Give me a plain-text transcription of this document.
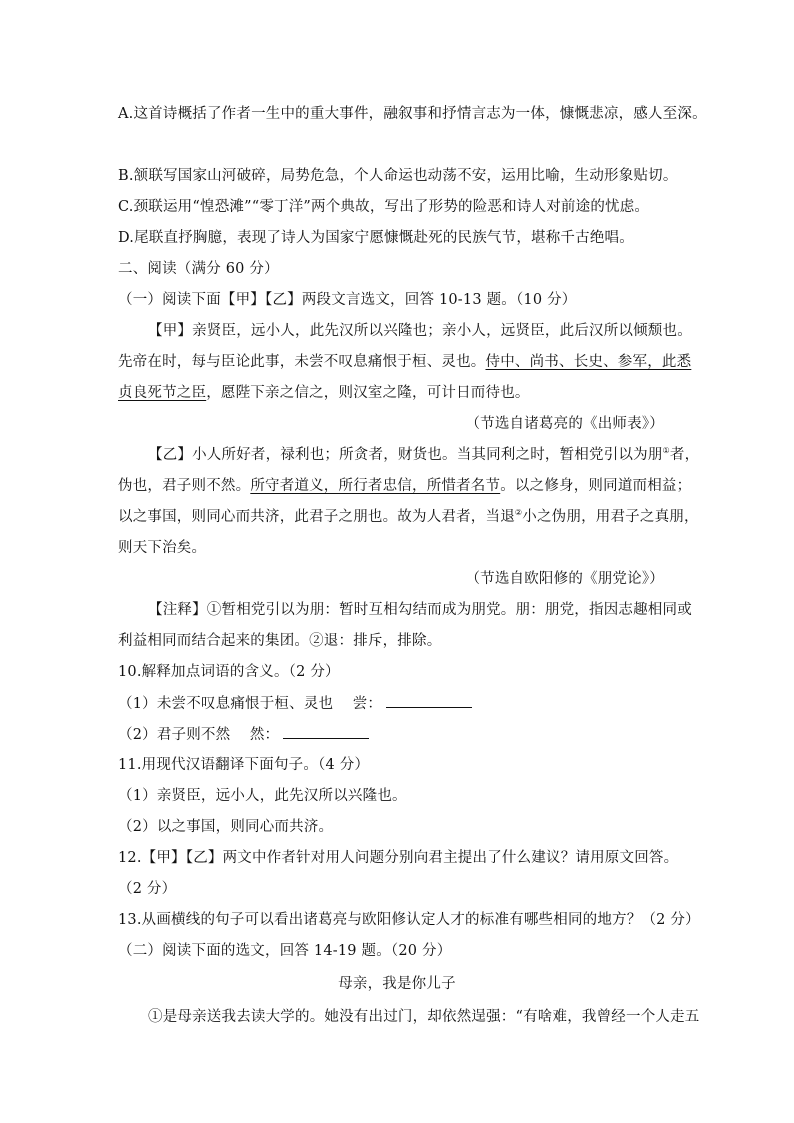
A.这首诗概括了作者一生中的重大事件，融叙事和抒情言志为一体，慷慨悲凉，感人至深。
B.颔联写国家山河破碎，局势危急，个人命运也动荡不安，运用比喻，生动形象贴切。
C.颈联运用“惶恐滩”“零丁洋”两个典故，写出了形势的险恶和诗人对前途的忧虑。
D.尾联直抒胸臆，表现了诗人为国家宁愿慷慨赴死的民族气节，堪称千古绝唱。
二、阅读（满分 60 分）
（一）阅读下面【甲】【乙】两段文言选文，回答 10-13 题。（10 分）
【甲】亲贤臣，远小人，此先汉所以兴隆也；亲小人，远贤臣，此后汉所以倾颓也。
先帝在时，每与臣论此事，未尝不叹息痛恨于桓、灵也。侍中、尚书、长史、参军，此悉
贞良死节之臣，愿陛下亲之信之，则汉室之隆，可计日而待也。
（节选自诸葛亮的《出师表》）
【乙】小人所好者，禄利也；所贪者，财货也。当其同利之时，暂相党引以为朋①者，
伪也，君子则不然。所守者道义，所行者忠信，所惜者名节。以之修身，则同道而相益；
以之事国，则同心而共济，此君子之朋也。故为人君者，当退②小之伪朋，用君子之真朋，
则天下治矣。
（节选自欧阳修的《朋党论》）
【注释】①暂相党引以为朋：暂时互相勾结而成为朋党。朋：朋党，指因志趣相同或
利益相同而结合起来的集团。②退：排斥，排除。
10.解释加点词语的含义。（2 分）
（1）未尝不叹息痛恨于桓、灵也　 尝：
（2）君子则不然　 然：
11.用现代汉语翻译下面句子。（4 分）
（1）亲贤臣，远小人，此先汉所以兴隆也。
（2）以之事国，则同心而共济。
12.【甲】【乙】两文中作者针对用人问题分别向君主提出了什么建议？请用原文回答。
（2 分）
13.从画横线的句子可以看出诸葛亮与欧阳修认定人才的标准有哪些相同的地方？（2 分）
（二）阅读下面的选文，回答 14-19 题。（20 分）
母亲，我是你儿子
①是母亲送我去读大学的。她没有出过门，却依然逞强：“有啥难，我曾经一个人走五
